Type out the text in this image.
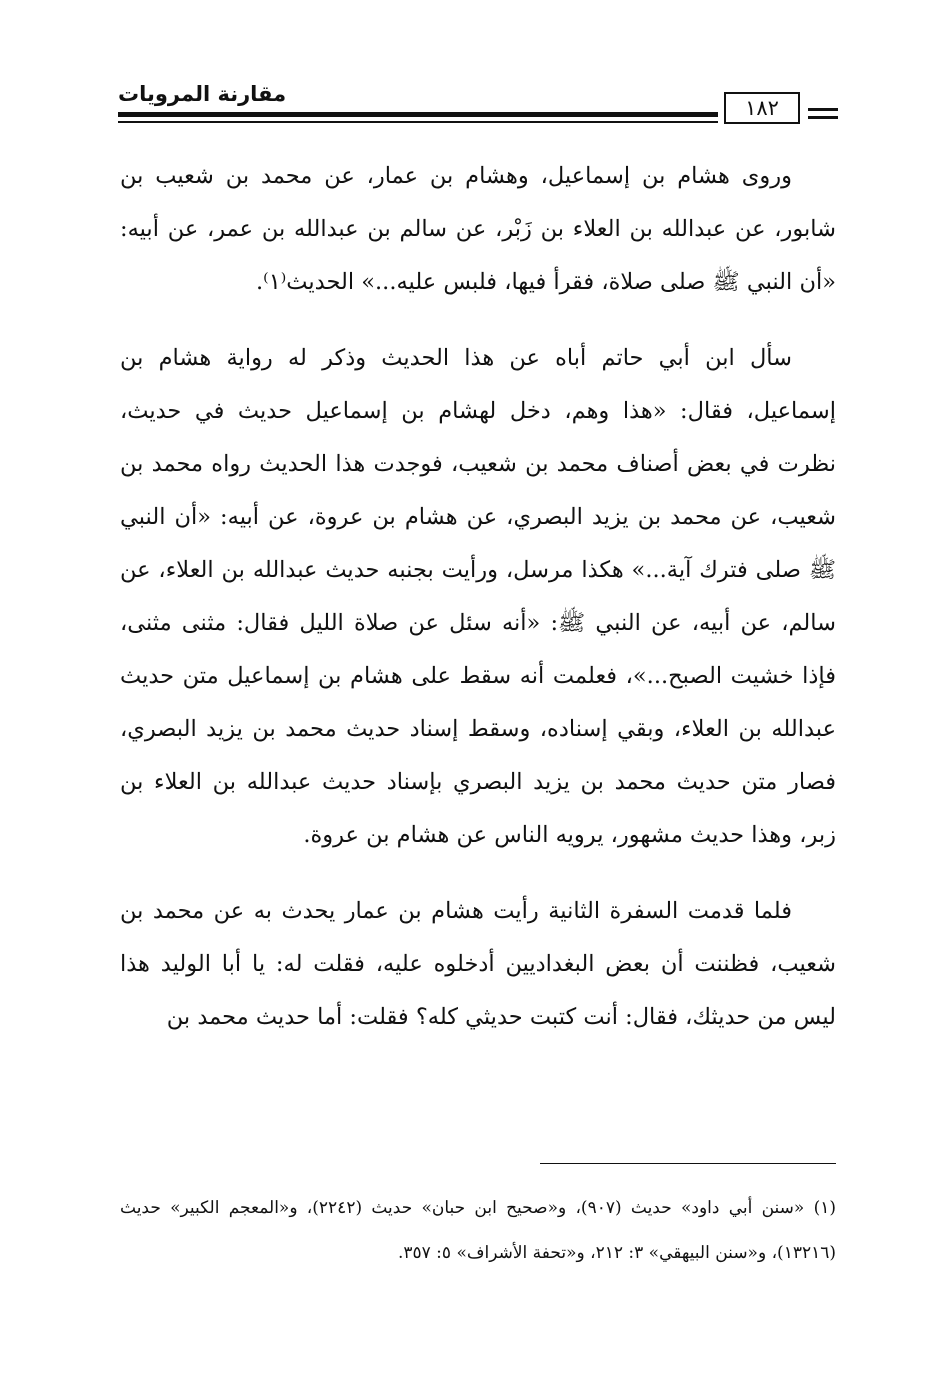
مقارنة المرويات
١٨٢

وروى هشام بن إسماعيل، وهشام بن عمار، عن محمد بن شعيب بن شابور، عن عبدالله بن العلاء بن زَبْر، عن سالم بن عبدالله بن عمر، عن أبيه: «أن النبي ﷺ صلى صلاة، فقرأ فيها، فلبس عليه...» الحديث⁽١⁾.

سأل ابن أبي حاتم أباه عن هذا الحديث وذكر له رواية هشام بن إسماعيل، فقال: «هذا وهم، دخل لهشام بن إسماعيل حديث في حديث، نظرت في بعض أصناف محمد بن شعيب، فوجدت هذا الحديث رواه محمد بن شعيب، عن محمد بن يزيد البصري، عن هشام بن عروة، عن أبيه: «أن النبي ﷺ صلى فترك آية...» هكذا مرسل، ورأيت بجنبه حديث عبدالله بن العلاء، عن سالم، عن أبيه، عن النبي ﷺ: «أنه سئل عن صلاة الليل فقال: مثنى مثنى، فإذا خشيت الصبح...»، فعلمت أنه سقط على هشام بن إسماعيل متن حديث عبدالله بن العلاء، وبقي إسناده، وسقط إسناد حديث محمد بن يزيد البصري، فصار متن حديث محمد بن يزيد البصري بإسناد حديث عبدالله بن العلاء بن زبر، وهذا حديث مشهور، يرويه الناس عن هشام بن عروة.

فلما قدمت السفرة الثانية رأيت هشام بن عمار يحدث به عن محمد بن شعيب، فظننت أن بعض البغداديين أدخلوه عليه، فقلت له: يا أبا الوليد هذا ليس من حديثك، فقال: أنت كتبت حديثي كله؟ فقلت: أما حديث محمد بن

(١) «سنن أبي داود» حديث (٩٠٧)، و«صحيح ابن حبان» حديث (٢٢٤٢)، و«المعجم الكبير» حديث (١٣٢١٦)، و«سنن البيهقي» ٣: ٢١٢، و«تحفة الأشراف» ٥: ٣٥٧.
